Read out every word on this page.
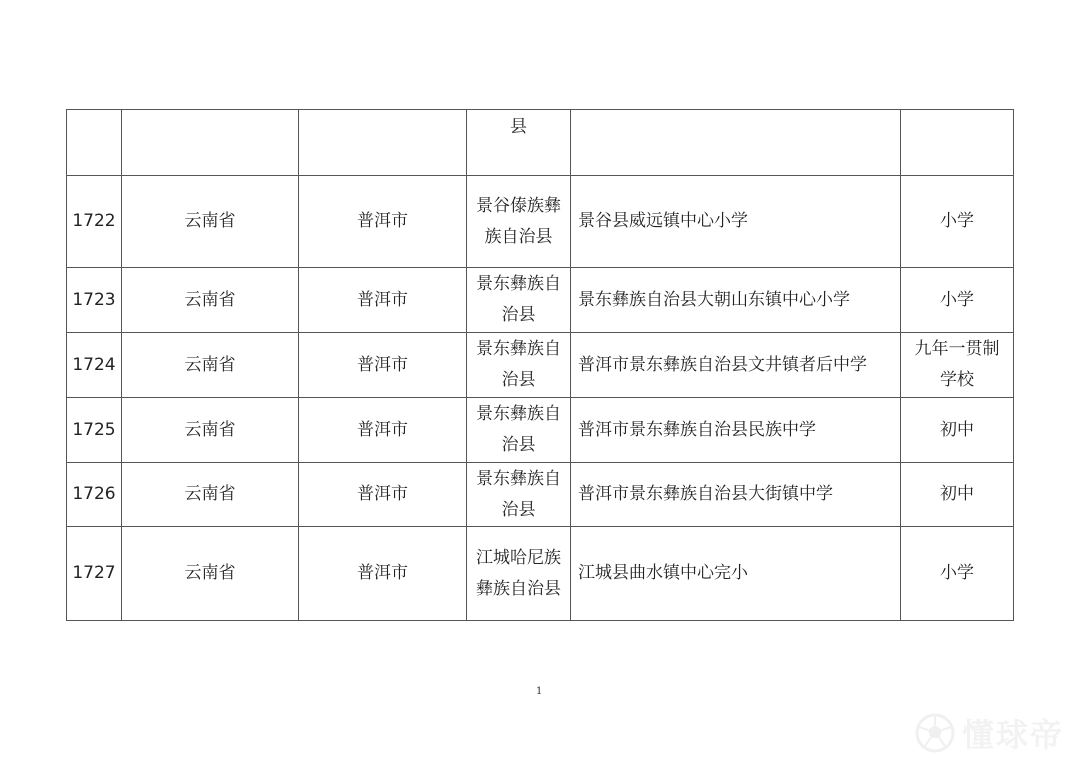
			县		
1722	云南省	普洱市	景谷傣族彝族自治县	景谷县威远镇中心小学	小学
1723	云南省	普洱市	景东彝族自治县	景东彝族自治县大朝山东镇中心小学	小学
1724	云南省	普洱市	景东彝族自治县	普洱市景东彝族自治县文井镇者后中学	九年一贯制学校
1725	云南省	普洱市	景东彝族自治县	普洱市景东彝族自治县民族中学	初中
1726	云南省	普洱市	景东彝族自治县	普洱市景东彝族自治县大街镇中学	初中
1727	云南省	普洱市	江城哈尼族彝族自治县	江城县曲水镇中心完小	小学
1
懂球帝
